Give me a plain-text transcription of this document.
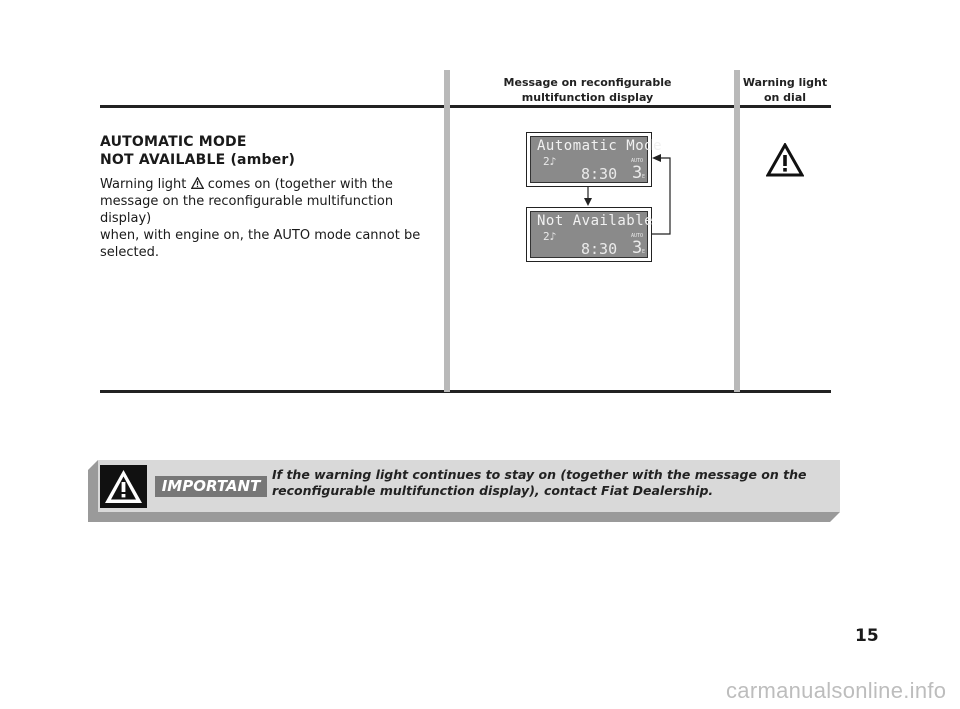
Message on reconfigurable
multifunction display
Warning light
on dial
AUTOMATIC MODE
NOT AVAILABLE (amber)
Warning light comes on (together with the
message on the reconfigurable multifunction display)
when, with engine on, the AUTO mode cannot be
selected.
Automatic Mode
2♪	AUTO
8:30 3 E
Not Available
2♪	AUTO
8:30 3 E
IMPORTANT
If the warning light continues to stay on (together with the message on the
reconfigurable multifunction display), contact Fiat Dealership.
15
carmanualsonline.info
